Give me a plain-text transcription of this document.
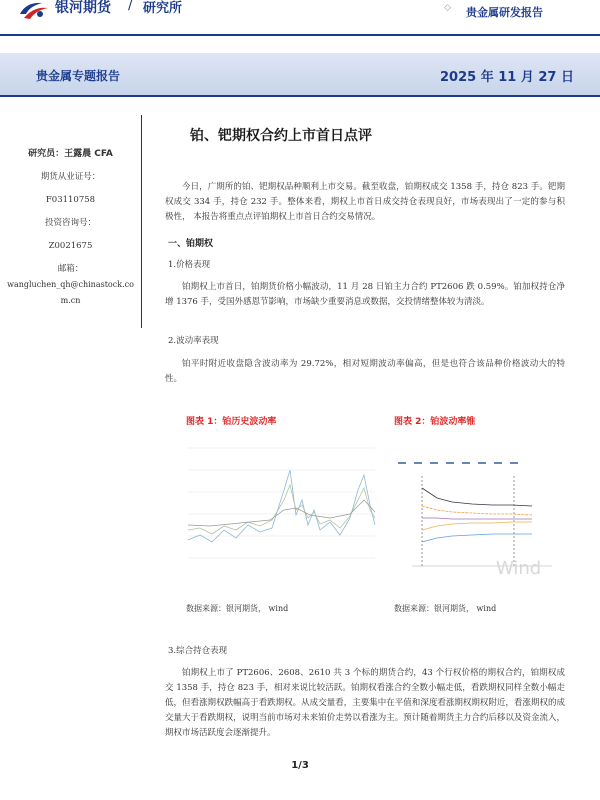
银河期货 / 研究所	◇ 贵金属研发报告
贵金属专题报告	2025 年 11 月 27 日
研究员：王露晨 CFA
期货从业证号：
F03110758
投资咨询号：
Z0021675
邮箱：
wangluchen_qh@chinastock.com.cn
铂、钯期权合约上市首日点评
今日，广期所的铂、钯期权品种顺利上市交易。截至收盘，铂期权成交 1358 手，持仓 823 手。钯期权成交 334 手，持仓 232 手。整体来看，期权上市首日成交持仓表现良好，市场表现出了一定的参与积极性， 本报告将重点点评铂期权上市首日合约交易情况。
一、铂期权
1.价格表现
铂期权上市首日，铂期货价格小幅波动，11 月 28 日铂主力合约 PT2606 跌 0.59%。铂加权持仓净增 1376 手，受国外感恩节影响，市场缺少重要消息或数据，交投情绪整体较为清淡。
2.波动率表现
铂平时附近收盘隐含波动率为 29.72%，相对短期波动率偏高，但是也符合该品种价格波动大的特性。
图表 1：铂历史波动率
数据来源：银河期货， wind
图表 2：铂波动率锥
Wind
数据来源：银河期货， wind
3.综合持仓表现
铂期权上市了 PT2606、2608、2610 共 3 个标的期货合约，43 个行权价格的期权合约，铂期权成交 1358 手，持仓 823 手，相对来说比较活跃。铂期权看涨合约全数小幅走低，看跌期权同样全数小幅走低，但看涨期权跌幅高于看跌期权。从成交量看，主要集中在平值和深度看涨期权期权附近，看涨期权的成交量大于看跌期权，说明当前市场对未来铂价走势以看涨为主。预计随着期货主力合约后移以及资金流入，期权市场活跃度会逐渐提升。
1/3
